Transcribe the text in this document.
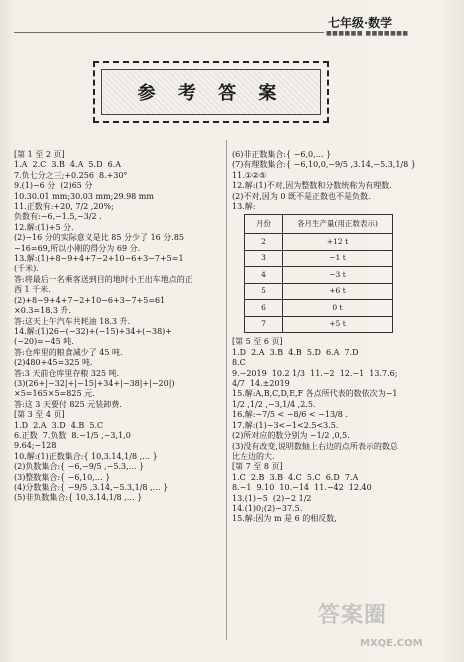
七年级·数学
■■■■■■ ■■■■■■■
参 考 答 案
[第 1 至 2 页]
1.A  2.C  3.B  4.A  5.D  6.A
7.负七分之三;+0.256  8.+30°
9.(1)−6 分  (2)65 分
10.30.01 mm;30.03 mm;29.98 mm
11.正数有:+20, 7/2 ,20%;
负数有:−6,−1.5,−3/2 .
12.解:(1)+5 分.
(2)−16 分的实际意义是比 85 分少了 16 分.85
−16=69,所以小刚的得分为 69 分.
13.解:(1)+8−9+4+7−2+10−6+3−7+5=1
(千米).
答:将最后一名乘客送到目的地时小王出车地点的正
西 1 千米.
(2)+8−9+4+7−2+10−6+3−7+5=61
×0.3=18.3 升.
答:这天上午汽车共耗油 18.3 升.
14.解:(1)26−(−32)+(−15)+34+(−38)+
(−20)=−45 吨.
答:仓库里的粮食减少了 45 吨.
(2)480+45=325 吨.
答:3 天前仓库里存粮 325 吨.
(3)(26+|−32|+|−15|+34+|−38|+|−20|)
×5=165×5=825 元.
答:这 3 天要付 825 元装卸费.
[第 3 至 4 页]
1.D  2.A  3.D  4.B  5.C
6.正数  7.负数  8.−1/5 ,−3,1,0
9.64;−128
10.解:(1)正数集合:{ 10,3.14,1/8 ,… }
(2)负数集合:{ −6,−9/5 ,−5.3,… }
(3)整数集合:{ −6,10,… }
(4)分数集合:{ −9/5 ,3.14,−5.3,1/8 ,… }
(5)非负数集合:{ 10,3.14,1/8 ,… }
(6)非正数集合:{ −6,0,… }
(7)有理数集合:{ −6,10,0,−9/5 ,3.14,−5.3,1/8 }
11.①②⑤
12.解:(1)不对,因为整数和分数统称为有理数.
(2)不对,因为 0 既不是正数也不是负数.
13.解:
月份	各月生产量(用正数表示)
2	+12 t
3	−1 t
4	−3 t
5	+6 t
6	0 t
7	+5 t
[第 5 至 6 页]
1.D  2.A  3.B  4.B  5.D  6.A  7.D
8.C
9.−2019  10.2 1/3  11.−2  12.−1  13.7.6;
4/7  14.±2019
15.解:A,B,C,D,E,F 各点所代表的数依次为−1
1/2 ,1/2 ,−3,1/4 ,2.5.
16.解:−7/5 < −8/6 < −13/8 .
17.解:(1)−3<−1<2.5<3.5.
(2)所对应的数分别为 −1/2 ,0,5.
(3)没有改变,说明数轴上右边的点所表示的数总
比左边的大.
[第 7 至 8 页]
1.C  2.B  3.B  4.C  5.C  6.D  7.A
8.−1  9.10  10.−14  11.−42  12.40
13.(1)−5  (2)−2 1/2
14.(1)0;(2)−37.5.
15.解:因为 m 是 6 的相反数,
答案圈
MXQE.COM
